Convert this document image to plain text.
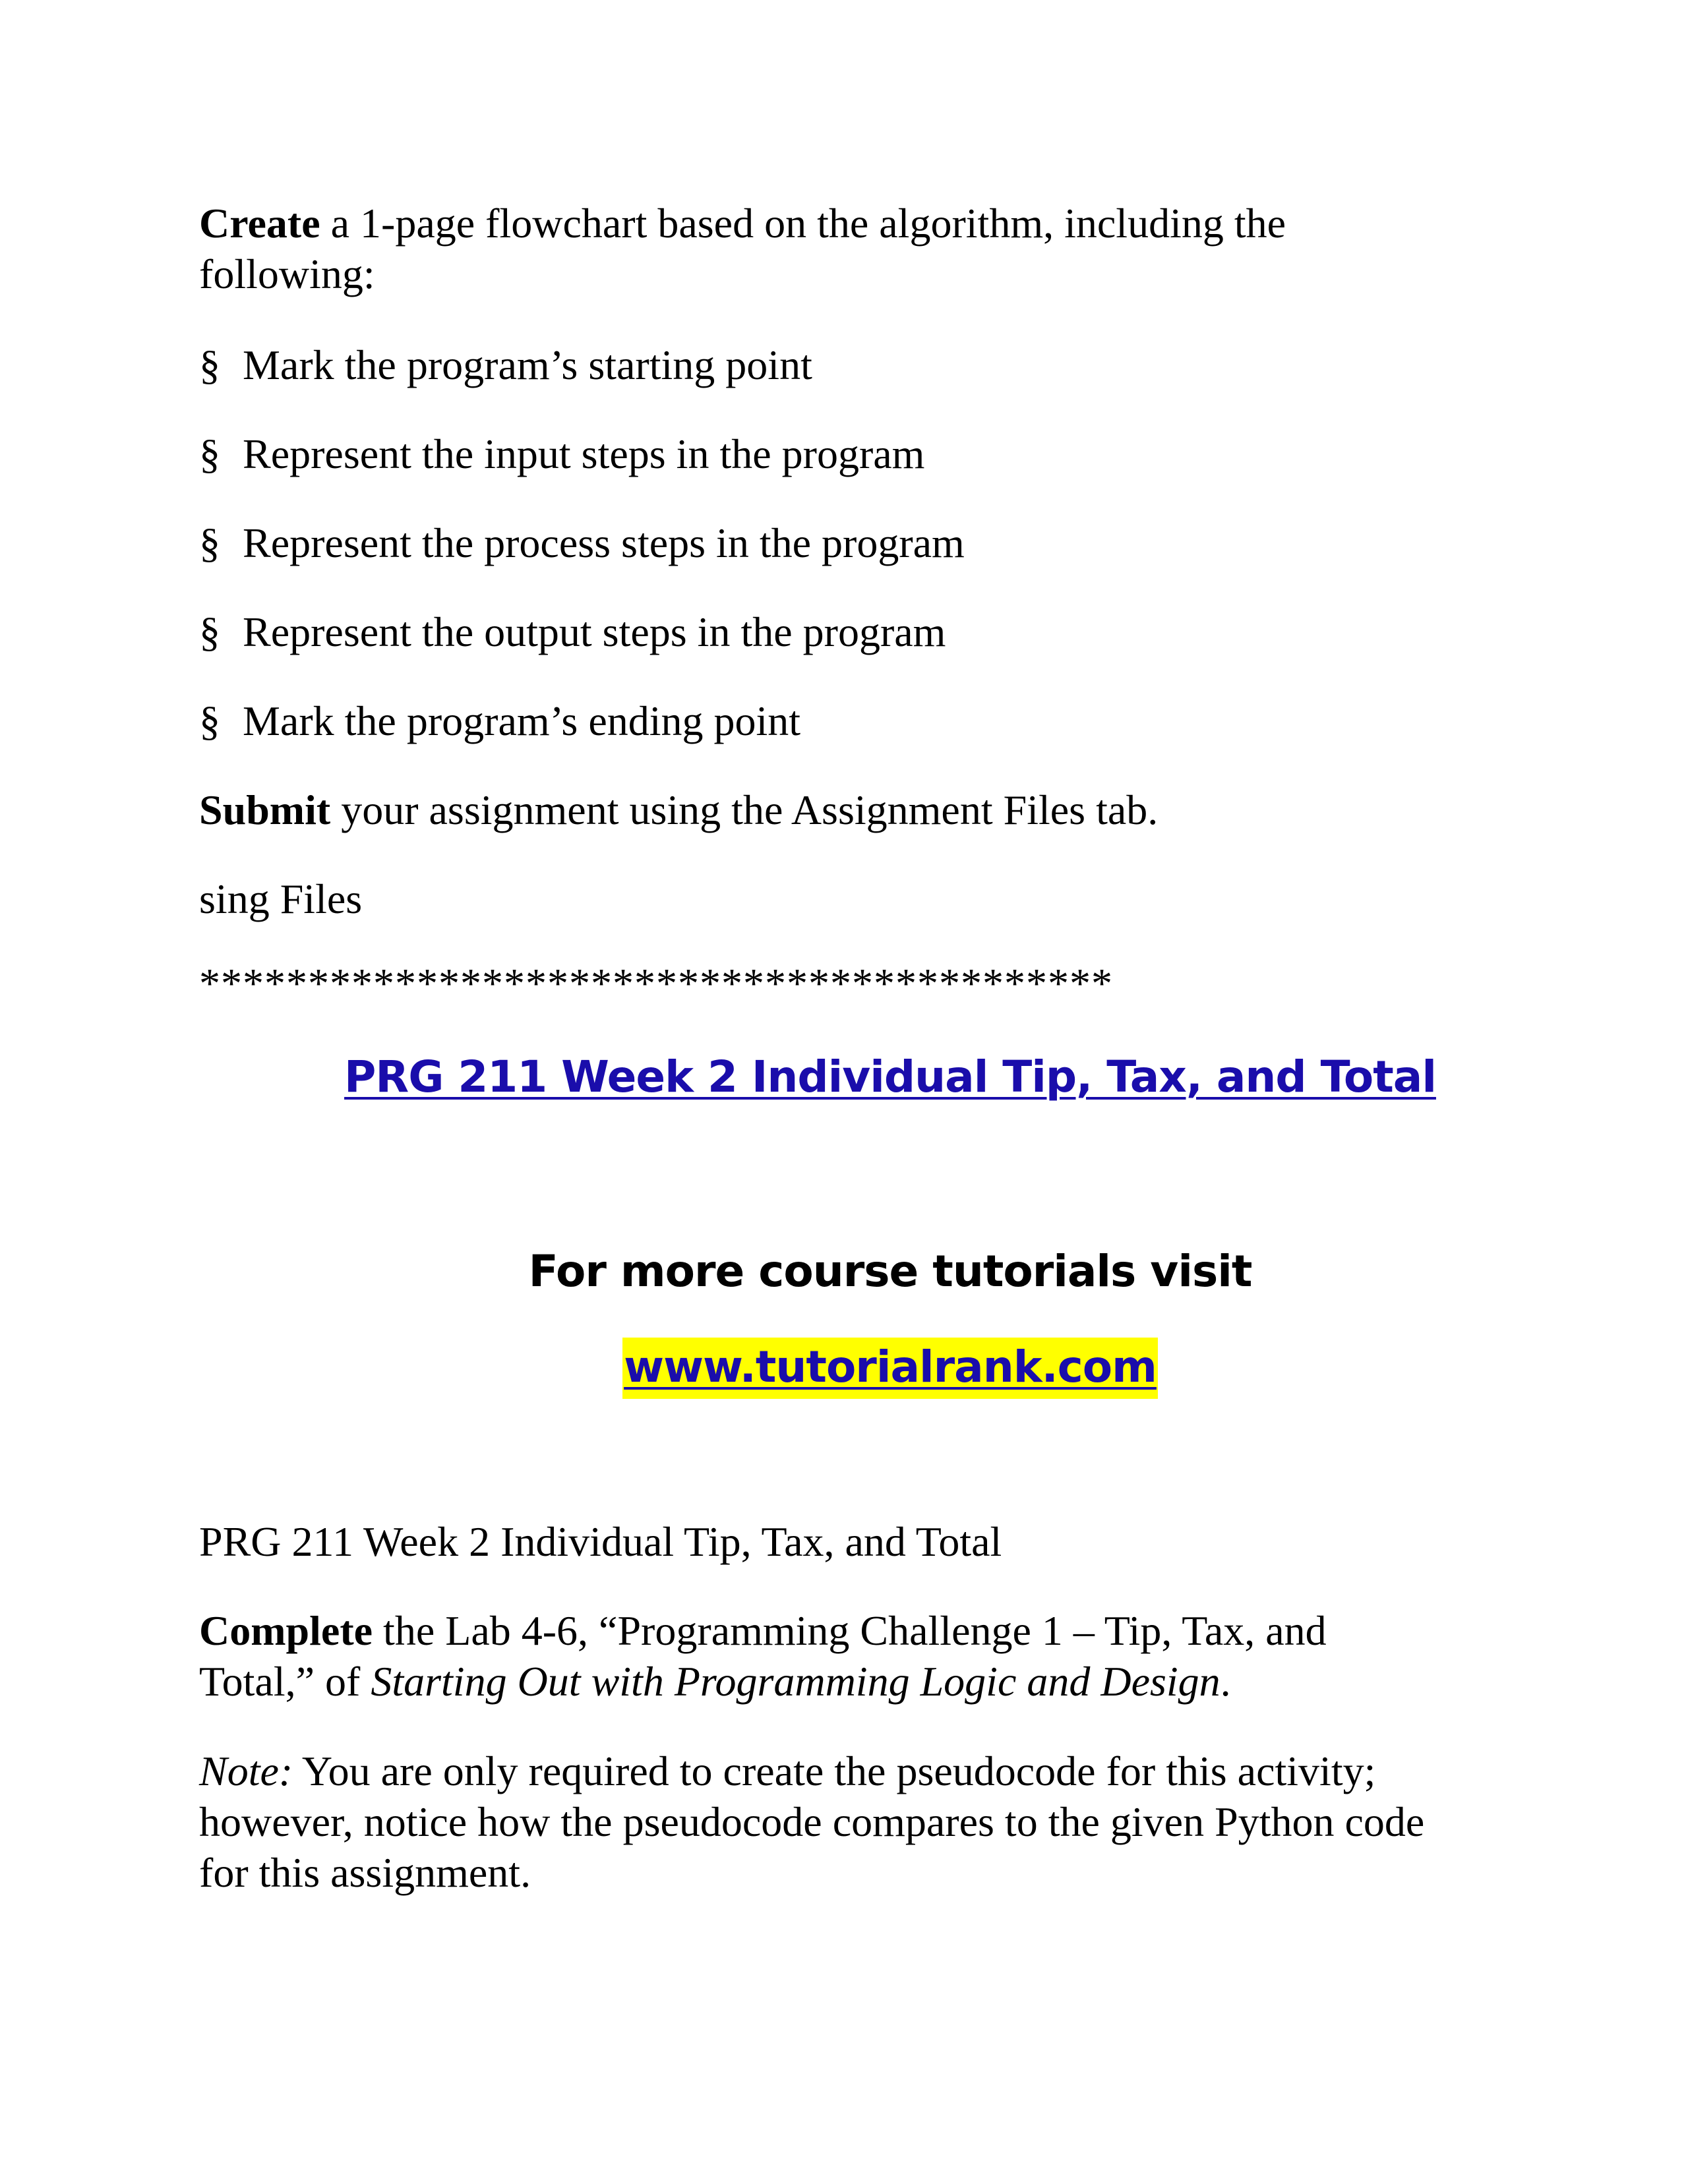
Create a 1-page flowchart based on the algorithm, including the
following:
§ Mark the program’s starting point
§ Represent the input steps in the program
§ Represent the process steps in the program
§ Represent the output steps in the program
§ Mark the program’s ending point
Submit your assignment using the Assignment Files tab.
sing Files
******************************************
PRG 211 Week 2 Individual Tip, Tax, and Total
For more course tutorials visit
www.tutorialrank.com
PRG 211 Week 2 Individual Tip, Tax, and Total
Complete the Lab 4-6, “Programming Challenge 1 – Tip, Tax, and
Total,” of Starting Out with Programming Logic and Design.
Note: You are only required to create the pseudocode for this activity;
however, notice how the pseudocode compares to the given Python code
for this assignment.
